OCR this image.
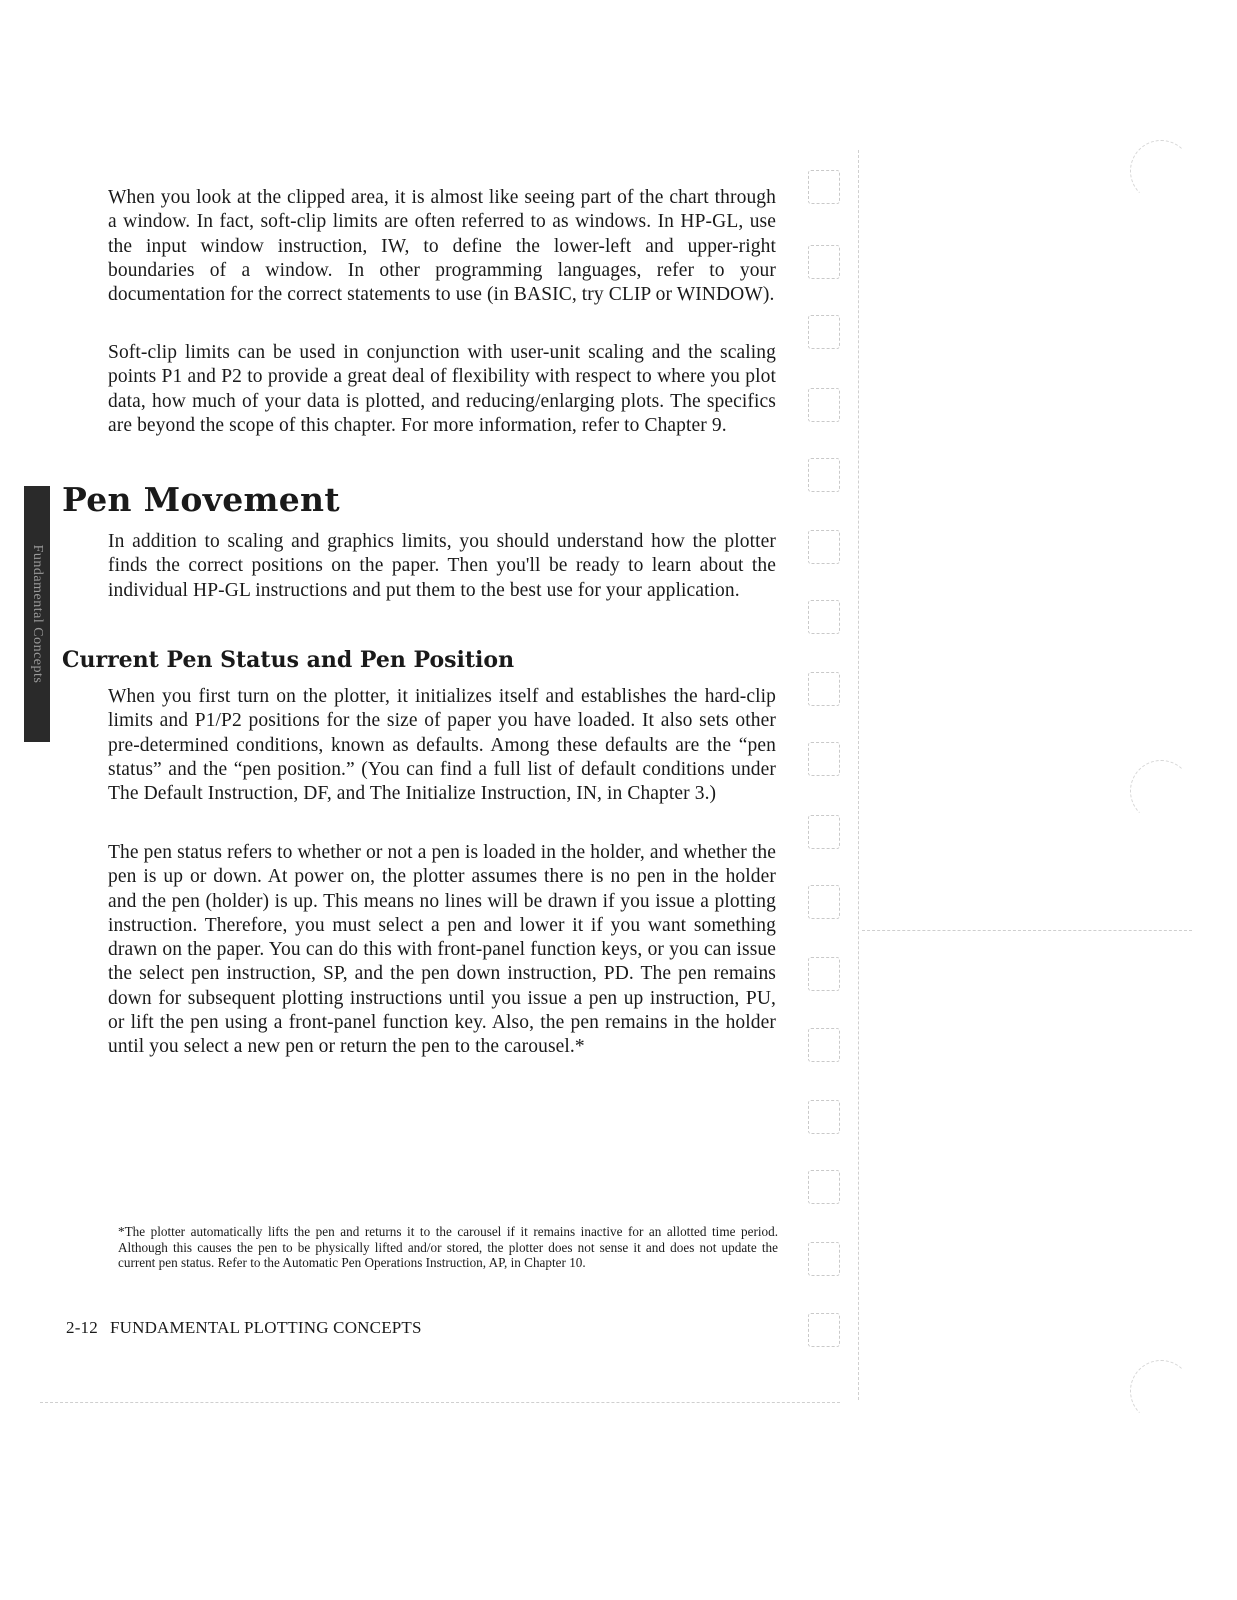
When you look at the clipped area, it is almost like seeing part of the chart through a window. In fact, soft-clip limits are often referred to as windows. In HP-GL, use the input window instruction, IW, to define the lower-left and upper-right boundaries of a window. In other programming languages, refer to your documentation for the correct statements to use (in BASIC, try CLIP or WINDOW).

Soft-clip limits can be used in conjunction with user-unit scaling and the scaling points P1 and P2 to provide a great deal of flexibility with respect to where you plot data, how much of your data is plotted, and reducing/enlarging plots. The specifics are beyond the scope of this chapter. For more information, refer to Chapter 9.

Fundamental Concepts
Pen Movement

In addition to scaling and graphics limits, you should understand how the plotter finds the correct positions on the paper. Then you'll be ready to learn about the individual HP-GL instructions and put them to the best use for your application.

Current Pen Status and Pen Position

When you first turn on the plotter, it initializes itself and establishes the hard-clip limits and P1/P2 positions for the size of paper you have loaded. It also sets other pre-determined conditions, known as defaults. Among these defaults are the “pen status” and the “pen position.” (You can find a full list of default conditions under The Default Instruction, DF, and The Initialize Instruction, IN, in Chapter 3.)

The pen status refers to whether or not a pen is loaded in the holder, and whether the pen is up or down. At power on, the plotter assumes there is no pen in the holder and the pen (holder) is up. This means no lines will be drawn if you issue a plotting instruction. Therefore, you must select a pen and lower it if you want something drawn on the paper. You can do this with front-panel function keys, or you can issue the select pen instruction, SP, and the pen down instruction, PD. The pen remains down for subsequent plotting instructions until you issue a pen up instruction, PU, or lift the pen using a front-panel function key. Also, the pen remains in the holder until you select a new pen or return the pen to the carousel.*

*The plotter automatically lifts the pen and returns it to the carousel if it remains inactive for an allotted time period. Although this causes the pen to be physically lifted and/or stored, the plotter does not sense it and does not update the current pen status. Refer to the Automatic Pen Operations Instruction, AP, in Chapter 10.

2-12 FUNDAMENTAL PLOTTING CONCEPTS
